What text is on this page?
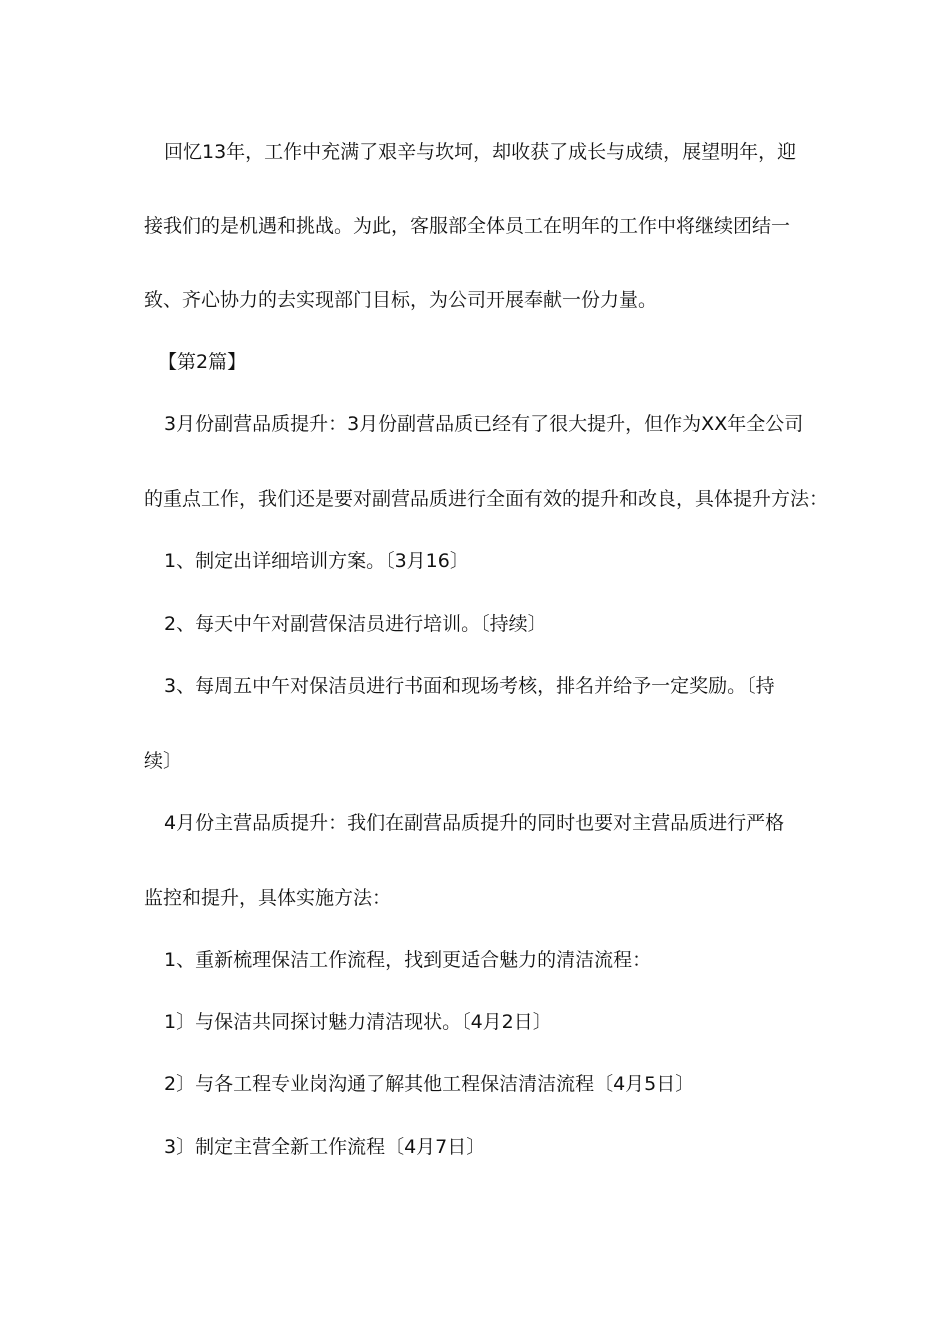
回忆13年，工作中充满了艰辛与坎坷，却收获了成长与成绩，展望明年，迎
接我们的是机遇和挑战。为此，客服部全体员工在明年的工作中将继续团结一
致、齐心协力的去实现部门目标，为公司开展奉献一份力量。
【第2篇】
3月份副营品质提升：3月份副营品质已经有了很大提升，但作为XX年全公司
的重点工作，我们还是要对副营品质进行全面有效的提升和改良，具体提升方法：
1、制定出详细培训方案。〔3月16〕
2、每天中午对副营保洁员进行培训。〔持续〕
3、每周五中午对保洁员进行书面和现场考核，排名并给予一定奖励。〔持
续〕
4月份主营品质提升：我们在副营品质提升的同时也要对主营品质进行严格
监控和提升，具体实施方法：
1、重新梳理保洁工作流程，找到更适合魅力的清洁流程：
1〕与保洁共同探讨魅力清洁现状。〔4月2日〕
2〕与各工程专业岗沟通了解其他工程保洁清洁流程〔4月5日〕
3〕制定主营全新工作流程〔4月7日〕
